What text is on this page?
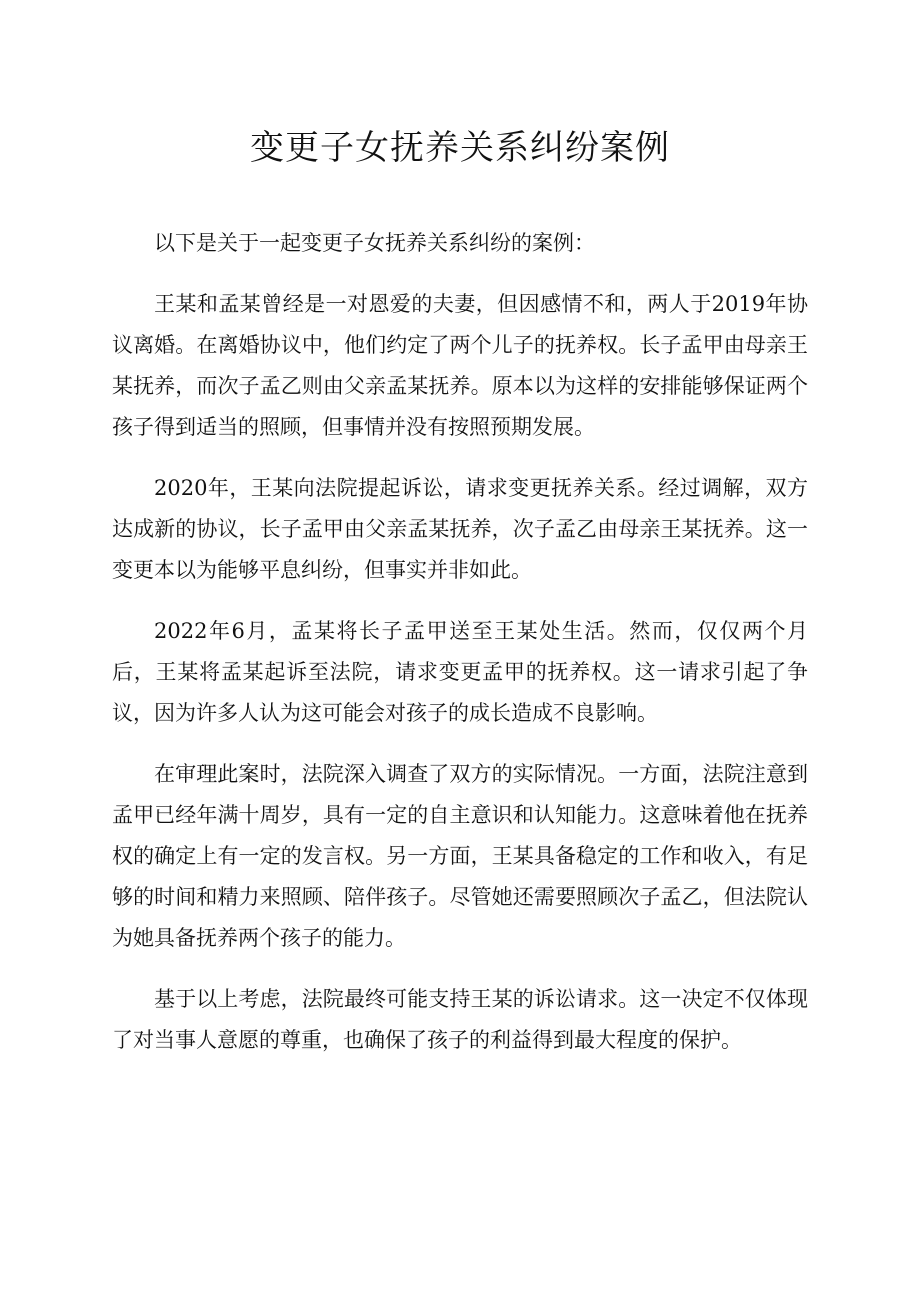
变更子女抚养关系纠纷案例

以下是关于一起变更子女抚养关系纠纷的案例：

王某和孟某曾经是一对恩爱的夫妻，但因感情不和，两人于2019年协议离婚。在离婚协议中，他们约定了两个儿子的抚养权。长子孟甲由母亲王某抚养，而次子孟乙则由父亲孟某抚养。原本以为这样的安排能够保证两个孩子得到适当的照顾，但事情并没有按照预期发展。

2020年，王某向法院提起诉讼，请求变更抚养关系。经过调解，双方达成新的协议，长子孟甲由父亲孟某抚养，次子孟乙由母亲王某抚养。这一变更本以为能够平息纠纷，但事实并非如此。

2022年6月，孟某将长子孟甲送至王某处生活。然而，仅仅两个月后，王某将孟某起诉至法院，请求变更孟甲的抚养权。这一请求引起了争议，因为许多人认为这可能会对孩子的成长造成不良影响。

在审理此案时，法院深入调查了双方的实际情况。一方面，法院注意到孟甲已经年满十周岁，具有一定的自主意识和认知能力。这意味着他在抚养权的确定上有一定的发言权。另一方面，王某具备稳定的工作和收入，有足够的时间和精力来照顾、陪伴孩子。尽管她还需要照顾次子孟乙，但法院认为她具备抚养两个孩子的能力。

基于以上考虑，法院最终可能支持王某的诉讼请求。这一决定不仅体现了对当事人意愿的尊重，也确保了孩子的利益得到最大程度的保护。
